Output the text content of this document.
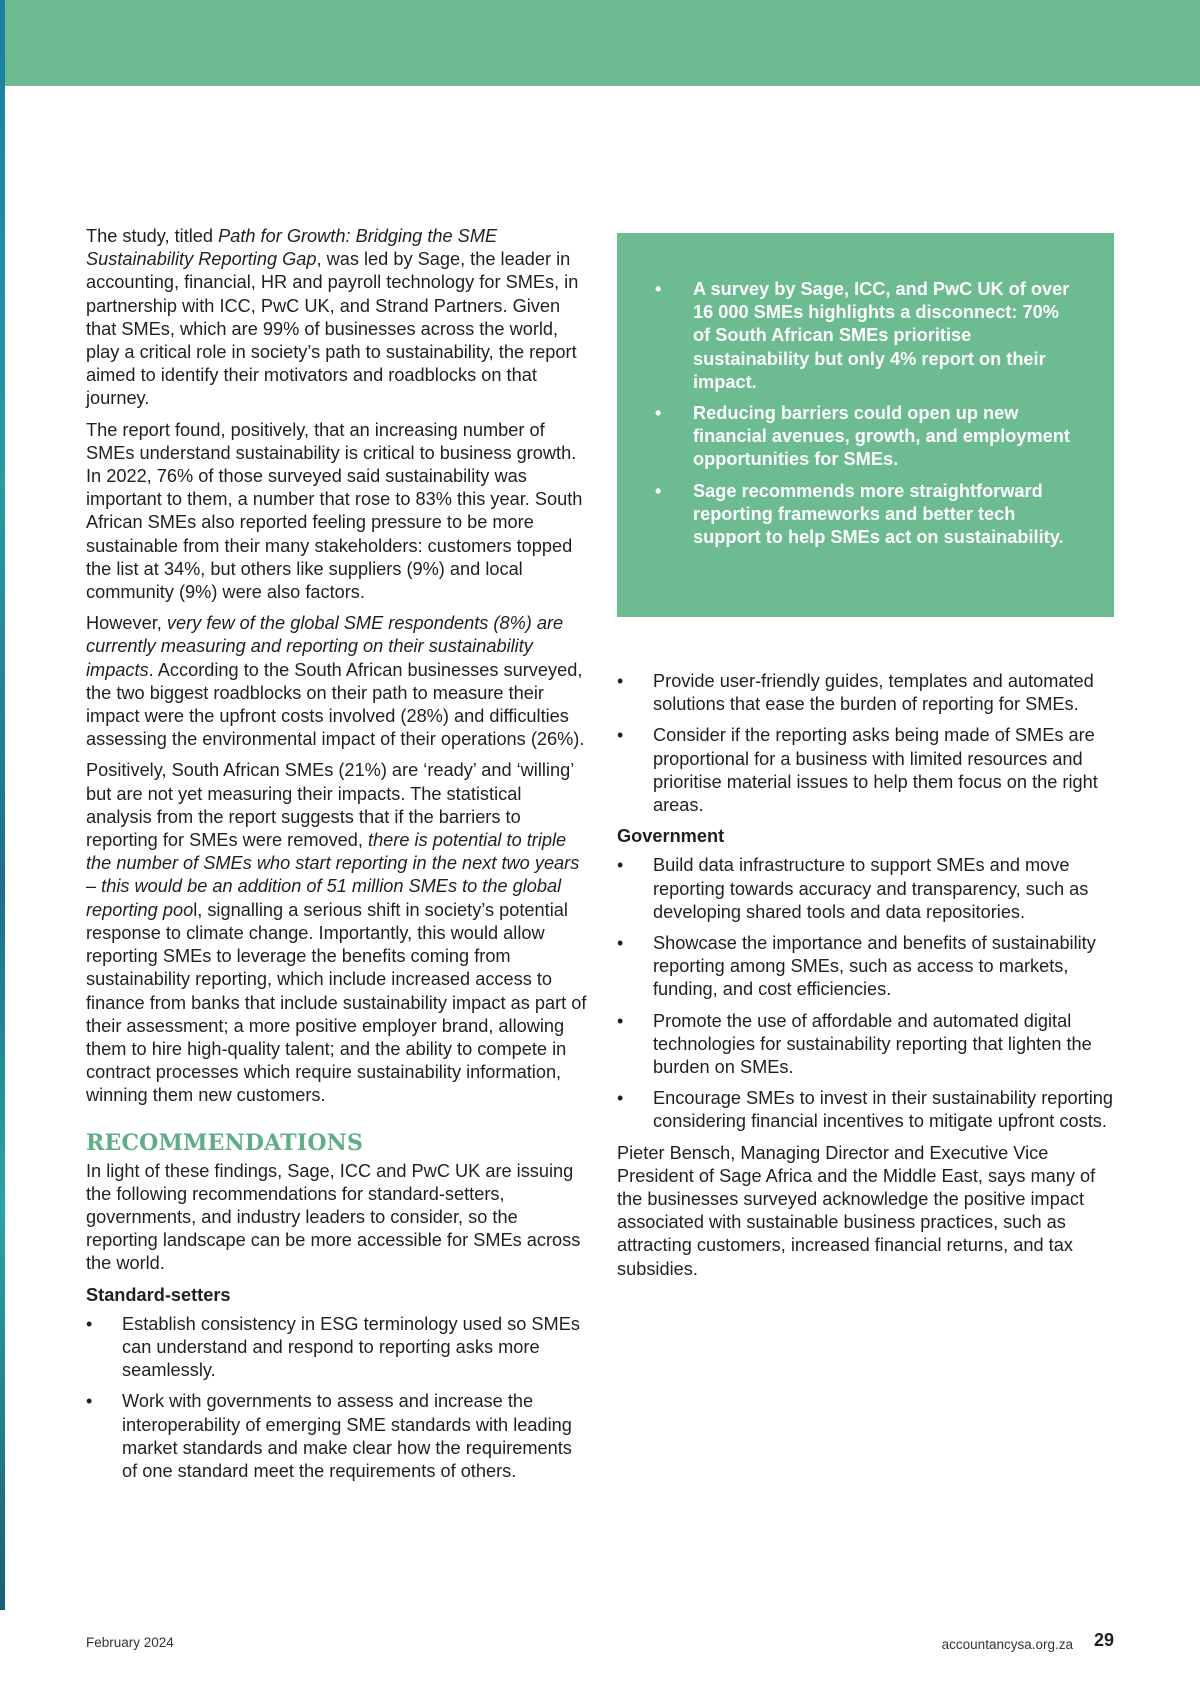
The study, titled Path for Growth: Bridging the SME Sustainability Reporting Gap, was led by Sage, the leader in accounting, financial, HR and payroll technology for SMEs, in partnership with ICC, PwC UK, and Strand Partners. Given that SMEs, which are 99% of businesses across the world, play a critical role in society’s path to sustainability, the report aimed to identify their motivators and roadblocks on that journey.

The report found, positively, that an increasing number of SMEs understand sustainability is critical to business growth. In 2022, 76% of those surveyed said sustainability was important to them, a number that rose to 83% this year. South African SMEs also reported feeling pressure to be more sustainable from their many stakeholders: customers topped the list at 34%, but others like suppliers (9%) and local community (9%) were also factors.

However, very few of the global SME respondents (8%) are currently measuring and reporting on their sustainability impacts. According to the South African businesses surveyed, the two biggest roadblocks on their path to measure their impact were the upfront costs involved (28%) and difficulties assessing the environmental impact of their operations (26%).

Positively, South African SMEs (21%) are ‘ready’ and ‘willing’ but are not yet measuring their impacts. The statistical analysis from the report suggests that if the barriers to reporting for SMEs were removed, there is potential to triple the number of SMEs who start reporting in the next two years – this would be an addition of 51 million SMEs to the global reporting pool, signalling a serious shift in society’s potential response to climate change. Importantly, this would allow reporting SMEs to leverage the benefits coming from sustainability reporting, which include increased access to finance from banks that include sustainability impact as part of their assessment; a more positive employer brand, allowing them to hire high-quality talent; and the ability to compete in contract processes which require sustainability information, winning them new customers.

RECOMMENDATIONS

In light of these findings, Sage, ICC and PwC UK are issuing the following recommendations for standard-setters, governments, and industry leaders to consider, so the reporting landscape can be more accessible for SMEs across the world.

Standard-setters
• Establish consistency in ESG terminology used so SMEs can understand and respond to reporting asks more seamlessly.
• Work with governments to assess and increase the interoperability of emerging SME standards with leading market standards and make clear how the requirements of one standard meet the requirements of others.
• A survey by Sage, ICC, and PwC UK of over 16 000 SMEs highlights a disconnect: 70% of South African SMEs prioritise sustainability but only 4% report on their impact.
• Reducing barriers could open up new financial avenues, growth, and employment opportunities for SMEs.
• Sage recommends more straightforward reporting frameworks and better tech support to help SMEs act on sustainability.
• Provide user-friendly guides, templates and automated solutions that ease the burden of reporting for SMEs.
• Consider if the reporting asks being made of SMEs are proportional for a business with limited resources and prioritise material issues to help them focus on the right areas.
Government
• Build data infrastructure to support SMEs and move reporting towards accuracy and transparency, such as developing shared tools and data repositories.
• Showcase the importance and benefits of sustainability reporting among SMEs, such as access to markets, funding, and cost efficiencies.
• Promote the use of affordable and automated digital technologies for sustainability reporting that lighten the burden on SMEs.
• Encourage SMEs to invest in their sustainability reporting considering financial incentives to mitigate upfront costs.

Pieter Bensch, Managing Director and Executive Vice President of Sage Africa and the Middle East, says many of the businesses surveyed acknowledge the positive impact associated with sustainable business practices, such as attracting customers, increased financial returns, and tax subsidies.

February 2024	accountancysa.org.za 29
